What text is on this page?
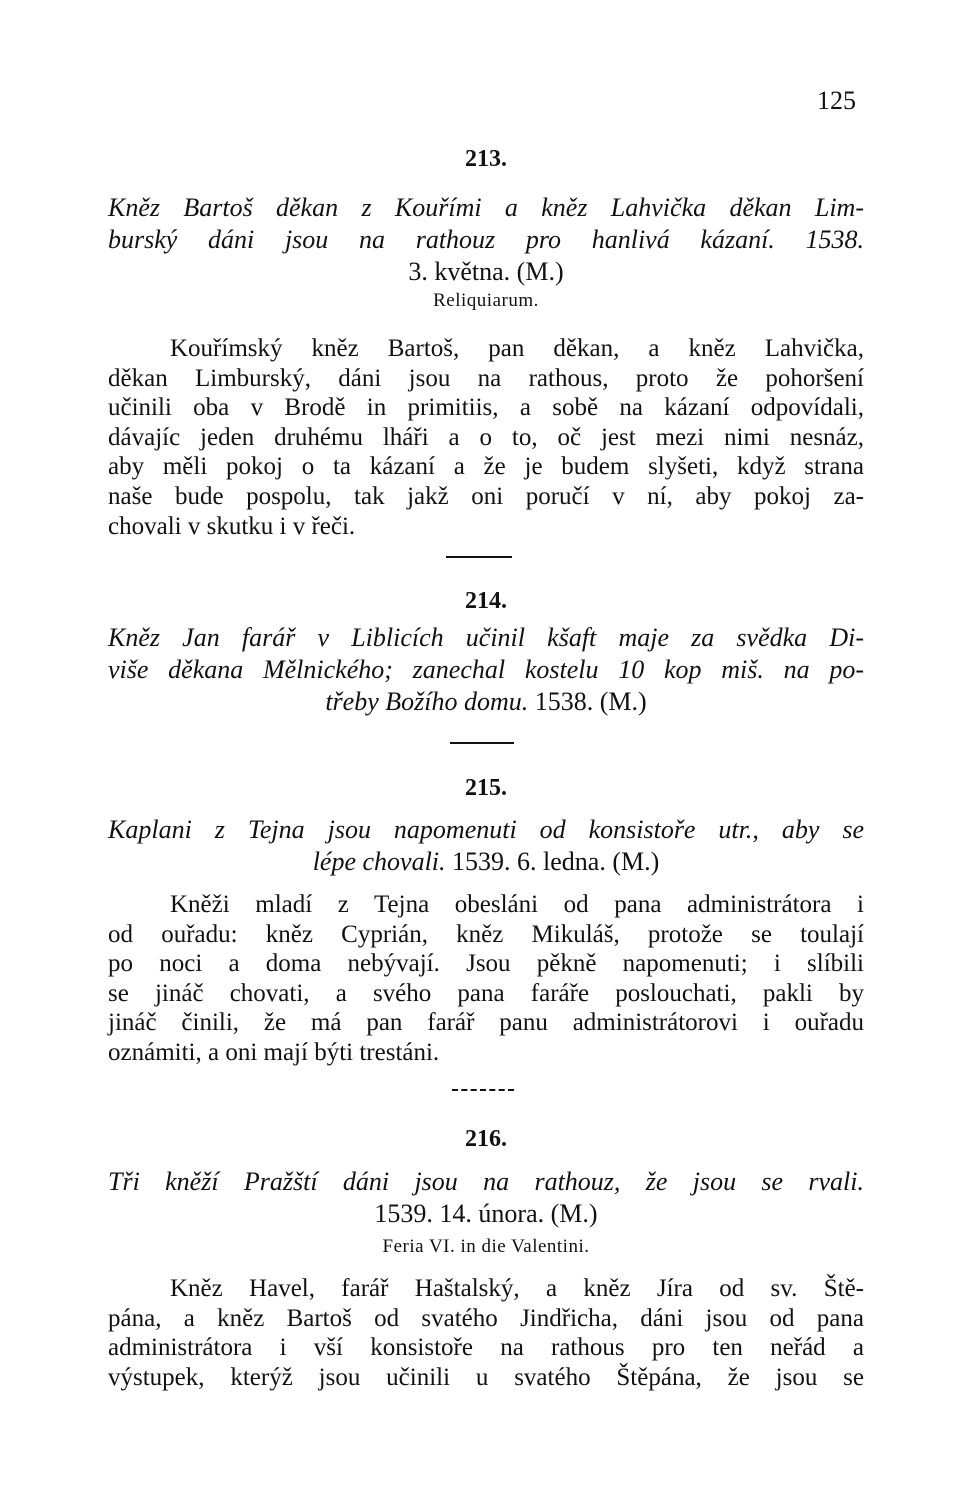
125

213.

Kněz Bartoš děkan z Kouřími a kněz Lahvička děkan Lim-
burský dáni jsou na rathouz pro hanlivá kázaní. 1538.
3. května. (M.)

Reliquiarum.

Kouřímský kněz Bartoš, pan děkan, a kněz Lahvička,
děkan Limburský, dáni jsou na rathous, proto že pohoršení
učinili oba v Brodě in primitiis, a sobě na kázaní odpovídali,
dávajíc jeden druhému lháři a o to, oč jest mezi nimi nesnáz,
aby měli pokoj o ta kázaní a že je budem slyšeti, když strana
naše bude pospolu, tak jakž oni poručí v ní, aby pokoj za-
chovali v skutku i v řeči.

214.

Kněz Jan farář v Liblicích učinil kšaft maje za svědka Di-
više děkana Mělnického; zanechal kostelu 10 kop miš. na po-
třeby Božího domu. 1538. (M.)

215.

Kaplani z Tejna jsou napomenuti od konsistoře utr., aby se
lépe chovali. 1539. 6. ledna. (M.)

Kněži mladí z Tejna obesláni od pana administrátora i
od ouřadu: kněz Cyprián, kněz Mikuláš, protože se toulají
po noci a doma nebývají. Jsou pěkně napomenuti; i slíbili
se jináč chovati, a svého pana faráře poslouchati, pakli by
jináč činili, že má pan farář panu administrátorovi i ouřadu
oznámiti, a oni mají býti trestáni.

216.

Tři kněží Pražští dáni jsou na rathouz, že jsou se rvali.
1539. 14. února. (M.)

Feria VI. in die Valentini.

Kněz Havel, farář Haštalský, a kněz Jíra od sv. Ště-
pána, a kněz Bartoš od svatého Jindřicha, dáni jsou od pana
administrátora i vší konsistoře na rathous pro ten neřád a
výstupek, kterýž jsou učinili u svatého Štěpána, že jsou se
